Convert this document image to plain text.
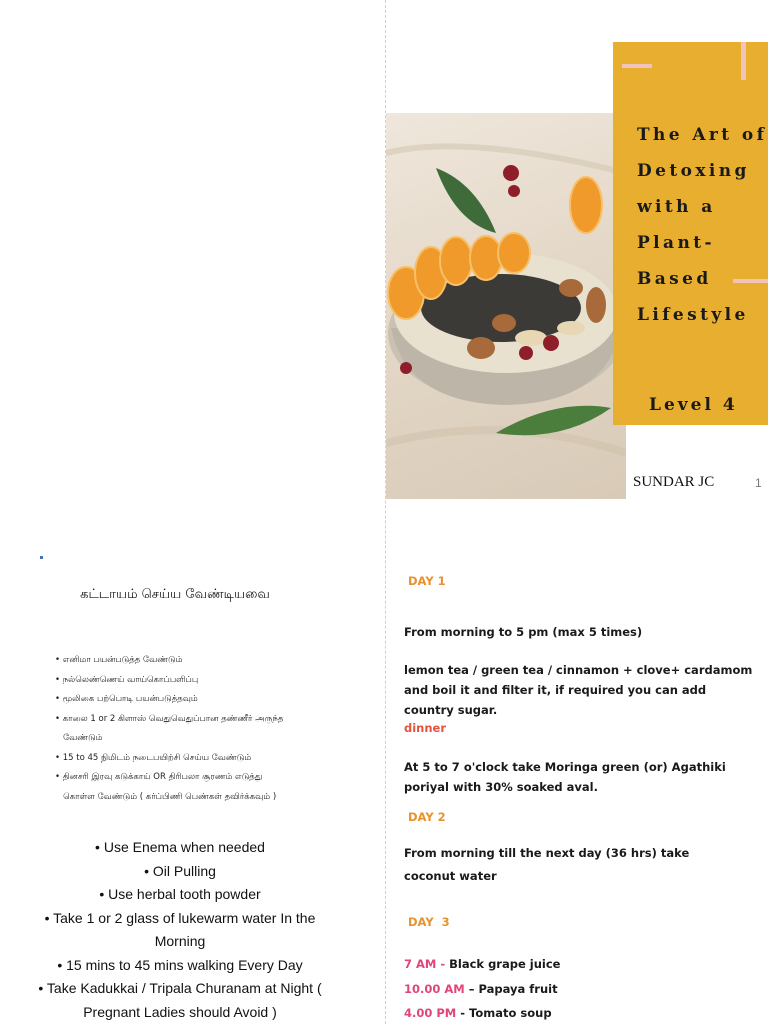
The Art of
Detoxing
with a
Plant-
Based
Lifestyle
Level 4
SUNDAR JC	1
கட்டாயம் செய்ய வேண்டியவை
• எனிமா பயன்படுத்த வேண்டும்
• நல்லெண்ணெய் வாய்கொப்பளிப்பு
• மூலிகை பற்பொடி பயன்படுத்தவும்
• காலை 1 or 2 கிளாஸ் வெதுவெதுப்பான தண்ணீர் அருந்த
வேண்டும்
• 15 to 45 நிமிடம் நடைபயிற்சி செய்ய வேண்டும்
• தினசரி இரவு கடுக்காய் OR திரிபலா சூரணம் எடுத்து
கொள்ள வேண்டும் ( கர்ப்பிணி பெண்கள் தவிர்க்கவும் )
• Use Enema when needed
• Oil Pulling
• Use herbal tooth powder
• Take 1 or 2 glass of lukewarm water In the Morning
• 15 mins to 45 mins walking Every Day
• Take Kadukkai / Tripala Churanam at Night ( Pregnant Ladies should Avoid )
DAY 1

From morning to 5 pm (max 5 times)

lemon tea / green tea / cinnamon + clove+ cardamom and boil it and filter it, if required you can add country sugar.

dinner

At 5 to 7 o'clock take Moringa green (or) Agathiki poriyal with 30% soaked aval.

DAY 2

From morning till the next day (36 hrs) take coconut water

DAY  3
7 AM - Black grape juice
10.00 AM – Papaya fruit
4.00 PM - Tomato soup
